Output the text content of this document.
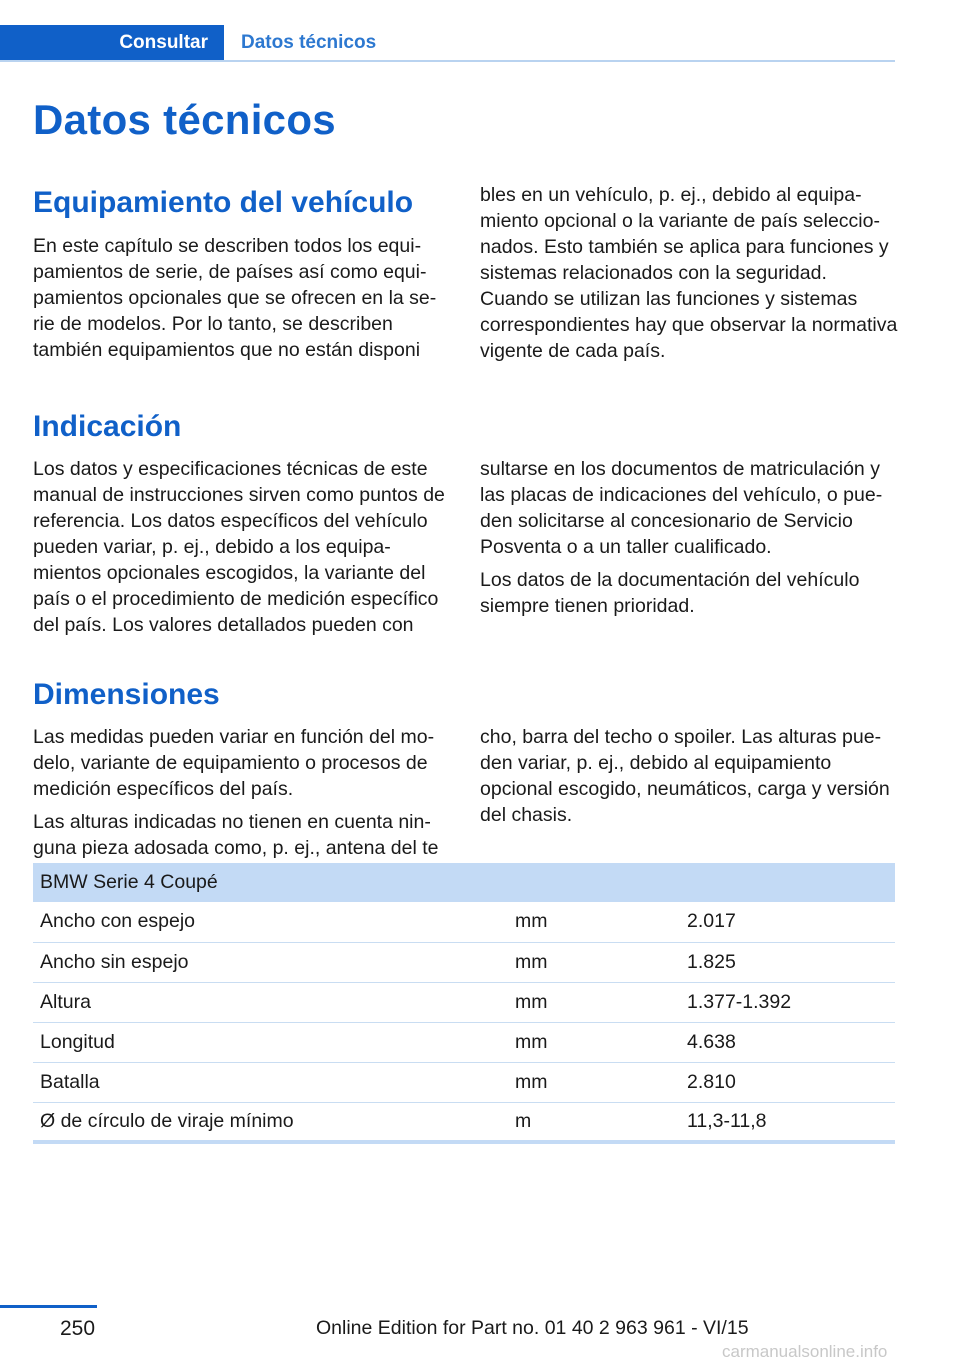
Consultar	Datos técnicos
Datos técnicos
Equipamiento del vehículo

En este capítulo se describen todos los equipamientos de serie, de países así como equipamientos opcionales que se ofrecen en la serie de modelos. Por lo tanto, se describen también equipamientos que no están disponi

bles en un vehículo, p. ej., debido al equipamiento opcional o la variante de país seleccionados. Esto también se aplica para funciones y sistemas relacionados con la seguridad. Cuando se utilizan las funciones y sistemas correspondientes hay que observar la normativa vigente de cada país.

Indicación

Los datos y especificaciones técnicas de este manual de instrucciones sirven como puntos de referencia. Los datos específicos del vehículo pueden variar, p. ej., debido a los equipamientos opcionales escogidos, la variante del país o el procedimiento de medición específico del país. Los valores detallados pueden con

sultarse en los documentos de matriculación y las placas de indicaciones del vehículo, o pueden solicitarse al concesionario de Servicio Posventa o a un taller cualificado.

Los datos de la documentación del vehículo siempre tienen prioridad.

Dimensiones

Las medidas pueden variar en función del modelo, variante de equipamiento o procesos de medición específicos del país.

Las alturas indicadas no tienen en cuenta ninguna pieza adosada como, p. ej., antena del te

cho, barra del techo o spoiler. Las alturas pueden variar, p. ej., debido al equipamiento opcional escogido, neumáticos, carga y versión del chasis.

BMW Serie 4 Coupé		
Ancho con espejo	mm	2.017
Ancho sin espejo	mm	1.825
Altura	mm	1.377-1.392
Longitud	mm	4.638
Batalla	mm	2.810
Ø de círculo de viraje mínimo	m	11,3-11,8
250	Online Edition for Part no. 01 40 2 963 961 - VI/15
carmanualsonline.info
